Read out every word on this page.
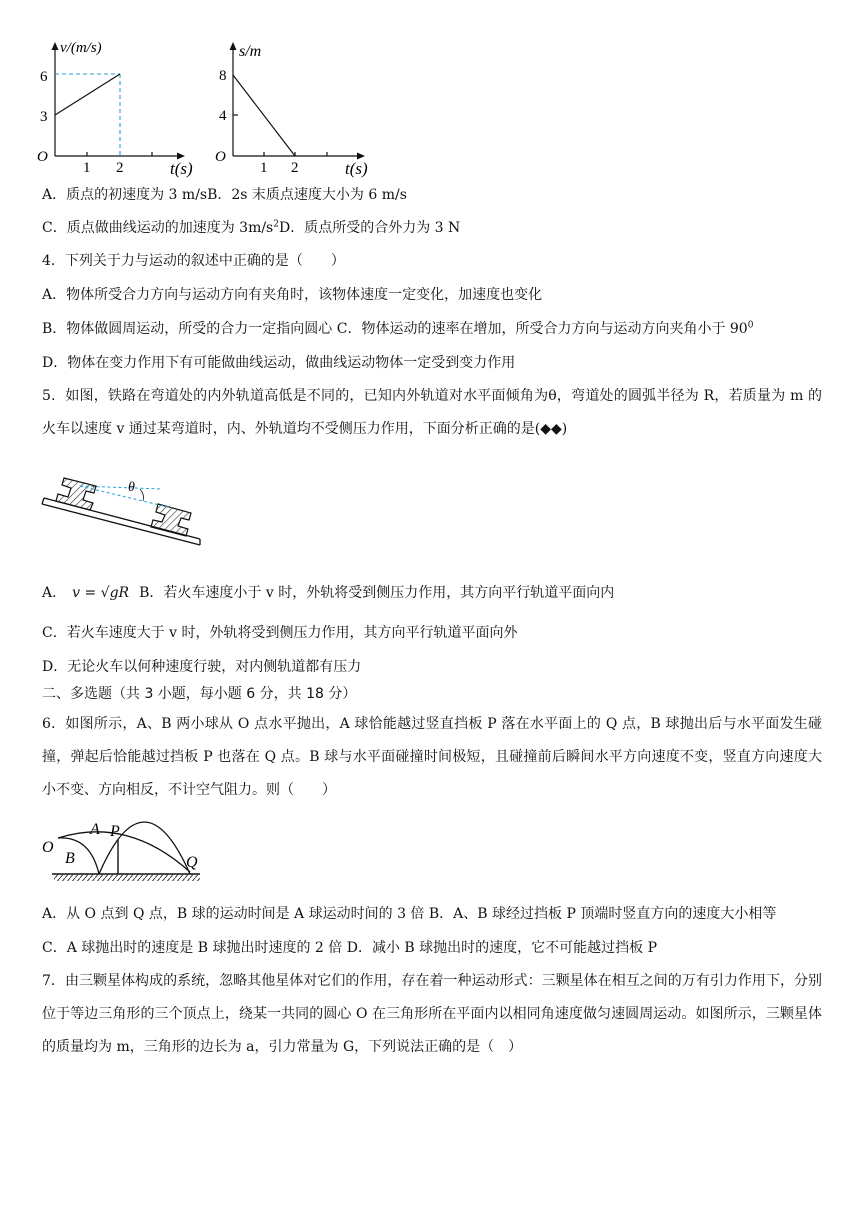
v/(m/s)
O
6
3
1 2	t(s)
s/m
O
8
4
1 2	t(s)
A．质点的初速度为 3 m/sB．2s 末质点速度大小为 6 m/s
C．质点做曲线运动的加速度为 $3m/s^2D$．质点所受的合外力为 3 N
4．下列关于力与运动的叙述中正确的是（　　）
A．物体所受合力方向与运动方向有夹角时，该物体速度一定变化，加速度也变化
B．物体做圆周运动，所受的合力一定指向圆心 C．物体运动的速率在增加，所受合力方向与运动方向夹角小于 $90^0$
D．物体在变力作用下有可能做曲线运动，做曲线运动物体一定受到变力作用
5．如图，铁路在弯道处的内外轨道高低是不同的，已知内外轨道对水平面倾角为θ，弯道处的圆弧半径为 R，若质量为 m 的火车以速度 v 通过某弯道时，内、外轨道均不受侧压力作用，下面分析正确的是(◆◆)
θ
A． v = √gR B．若火车速度小于 v 时，外轨将受到侧压力作用，其方向平行轨道平面向内
C．若火车速度大于 v 时，外轨将受到侧压力作用，其方向平行轨道平面向外
D．无论火车以何种速度行驶，对内侧轨道都有压力
二、多选题（共 3 小题，每小题 6 分，共 18 分）
6．如图所示，A、B 两小球从 O 点水平抛出，A 球恰能越过竖直挡板 P 落在水平面上的 Q 点，B 球抛出后与水平面发生碰撞，弹起后恰能越过挡板 P 也落在 Q 点。B 球与水平面碰撞时间极短，且碰撞前后瞬间水平方向速度不变，竖直方向速度大小不变、方向相反，不计空气阻力。则（　　）
O
A P
B	Q
A．从 O 点到 Q 点，B 球的运动时间是 A 球运动时间的 3 倍 B．A、B 球经过挡板 P 顶端时竖直方向的速度大小相等
C．A 球抛出时的速度是 B 球抛出时速度的 2 倍 D．减小 B 球抛出时的速度，它不可能越过挡板 P
7．由三颗星体构成的系统，忽略其他星体对它们的作用，存在着一种运动形式：三颗星体在相互之间的万有引力作用下，分别位于等边三角形的三个顶点上，绕某一共同的圆心 O 在三角形所在平面内以相同角速度做匀速圆周运动。如图所示，三颗星体的质量均为 m，三角形的边长为 a，引力常量为 G，下列说法正确的是（　）
